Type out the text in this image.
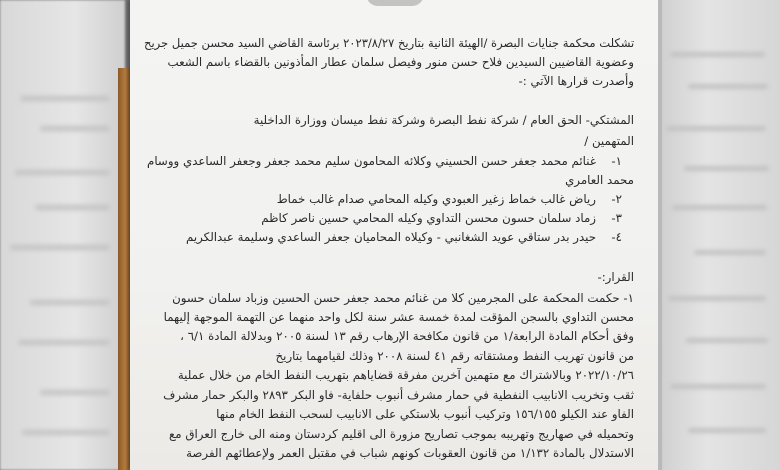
تشكلت محكمة جنايات البصرة /الهيئة الثانية بتاريخ ٢٠٢٣/٨/٢٧ برئاسة القاضي السيد محسن جميل جريح
وعضوية القاضيين السيدين فلاح حسن منور وفيصل سلمان عطار المأذونين بالقضاء باسم الشعب
وأصدرت قرارها الآتي :-
المشتكي- الحق العام / شركة نفط البصرة وشركة نفط ميسان ووزارة الداخلية
المتهمين /
١-
غنائم محمد جعفر حسن الحسيني وكلائه المحامون سليم محمد جعفر وجعفر الساعدي ووسام
محمد العامري
٢-
رياض غالب خماط زغير العبودي وكيله المحامي صدام غالب خماط
٣-
زماد سلمان حسون محسن التداوي وكيله المحامي حسين ناصر كاظم
٤-
حيدر بدر ستاقي عويد الشغانبي - وكيلاه المحاميان جعفر الساعدي وسليمة عبدالكريم
القرار:-
١- حكمت المحكمة على المجرمين كلا من غنائم محمد جعفر حسن الحسين وزباد سلمان حسون
محسن التداوي بالسجن المؤقت لمدة خمسة عشر سنة لكل واحد منهما عن التهمة الموجهة إليهما
وفق أحكام المادة الرابعة/١ من قانون مكافحة الإرهاب رقم ١٣ لسنة ٢٠٠٥ وبدلالة المادة ٦/١ ،
من قانون تهريب النفط ومشتقاته رقم ٤١ لسنة ٢٠٠٨ وذلك لقيامهما بتاريخ
٢٠٢٢/١٠/٢٦ وبالاشتراك مع متهمين آخرين مفرقة قضاياهم بتهريب النفط الخام من خلال عملية
ثقب وتخريب الانابيب النفطية في حمار مشرف أنبوب حلفاية- فاو البكر ٢٨٩٣ والبكر حمار مشرف
الفاو عند الكيلو ١٥٦/١٥٥ وتركيب أنبوب بلاستكي على الانابيب لسحب النفط الخام منها
وتحميله في صهاريج وتهريبه بموجب تصاريح مزورة الى اقليم كردستان ومنه الى خارج العراق مع
الاستدلال بالمادة ١/١٣٢ من قانون العقوبات كونهم شباب في مقتبل العمر ولإعطائهم الفرصة
